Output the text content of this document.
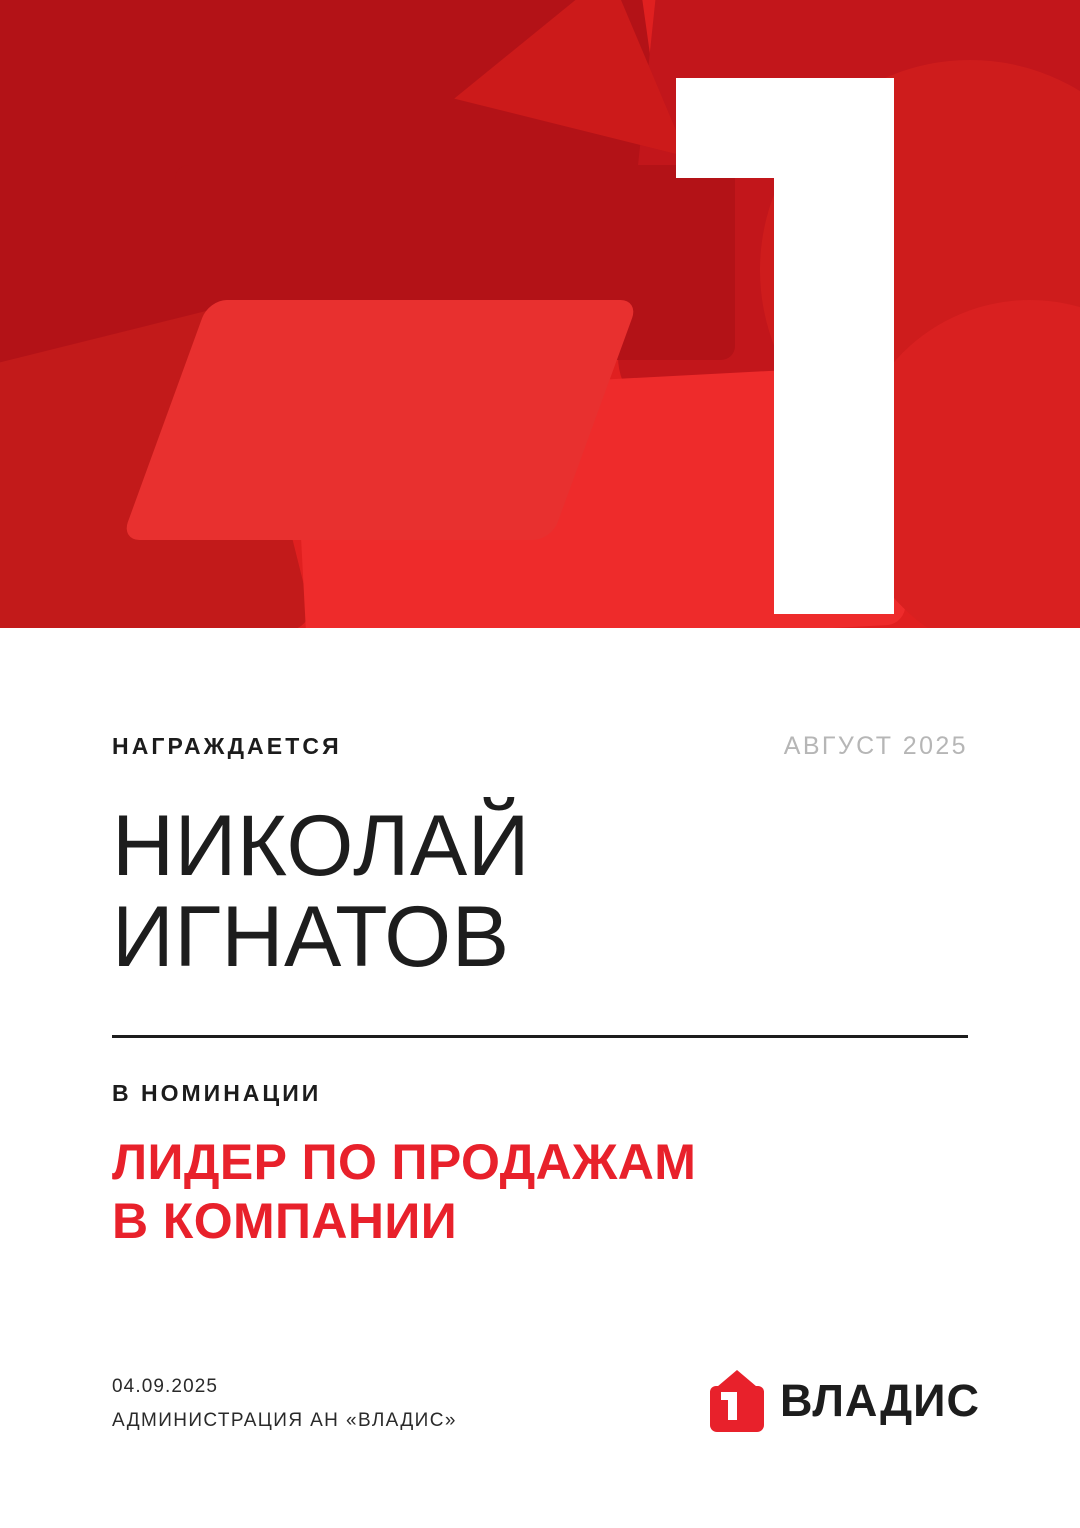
НАГРАЖДАЕТСЯ	АВГУСТ 2025
НИКОЛАЙ
ИГНАТОВ
В НОМИНАЦИИ
ЛИДЕР ПО ПРОДАЖАМ
В КОМПАНИИ
04.09.2025
АДМИНИСТРАЦИЯ АН «ВЛАДИС»	ВЛАДИС
